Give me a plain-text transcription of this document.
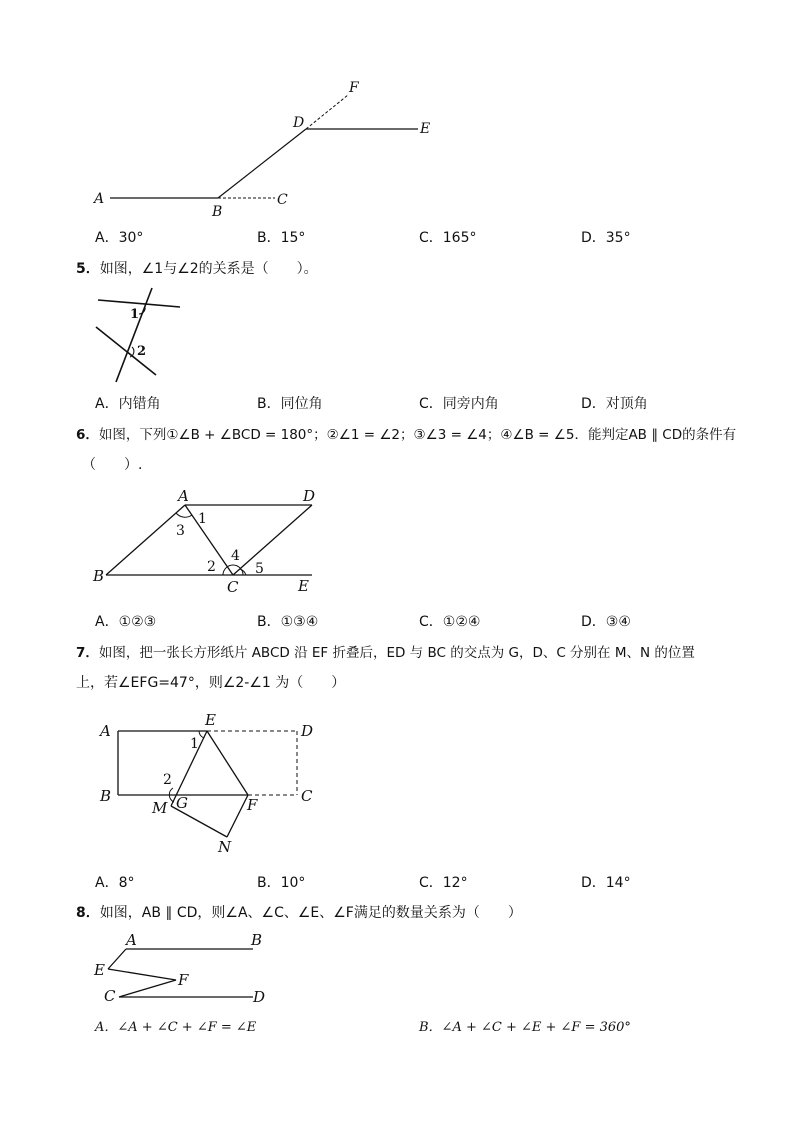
A
B
C
D	E
F
A．30°	B．15°	C．165°	D．35°
5．如图，∠1与∠2的关系是（　　）。
1
2
A．内错角	B．同位角	C．同旁内角	D．对顶角
6．如图，下列①∠B + ∠BCD = 180°；②∠1 = ∠2；③∠3 = ∠4；④∠B = ∠5．能判定AB ∥ CD的条件有
（　　）.
A
B
C
D
E
1
2
3
4
5
A．①②③	B．①③④	C．①②④	D．③④
7．如图，把一张长方形纸片 ABCD 沿 EF 折叠后，ED 与 BC 的交点为 G，D、C 分别在 M、N 的位置
上，若∠EFG=47°，则∠2-∠1 为（　　）
A
B	C
D
E
F
G
M
N
1
2
A．8°	B．10°	C．12°	D．14°
8．如图，AB ∥ CD，则∠A、∠C、∠E、∠F满足的数量关系为（　　）
A	B
C	D
E
F
A．∠A + ∠C + ∠F = ∠E	B．∠A + ∠C + ∠E + ∠F = 360°
